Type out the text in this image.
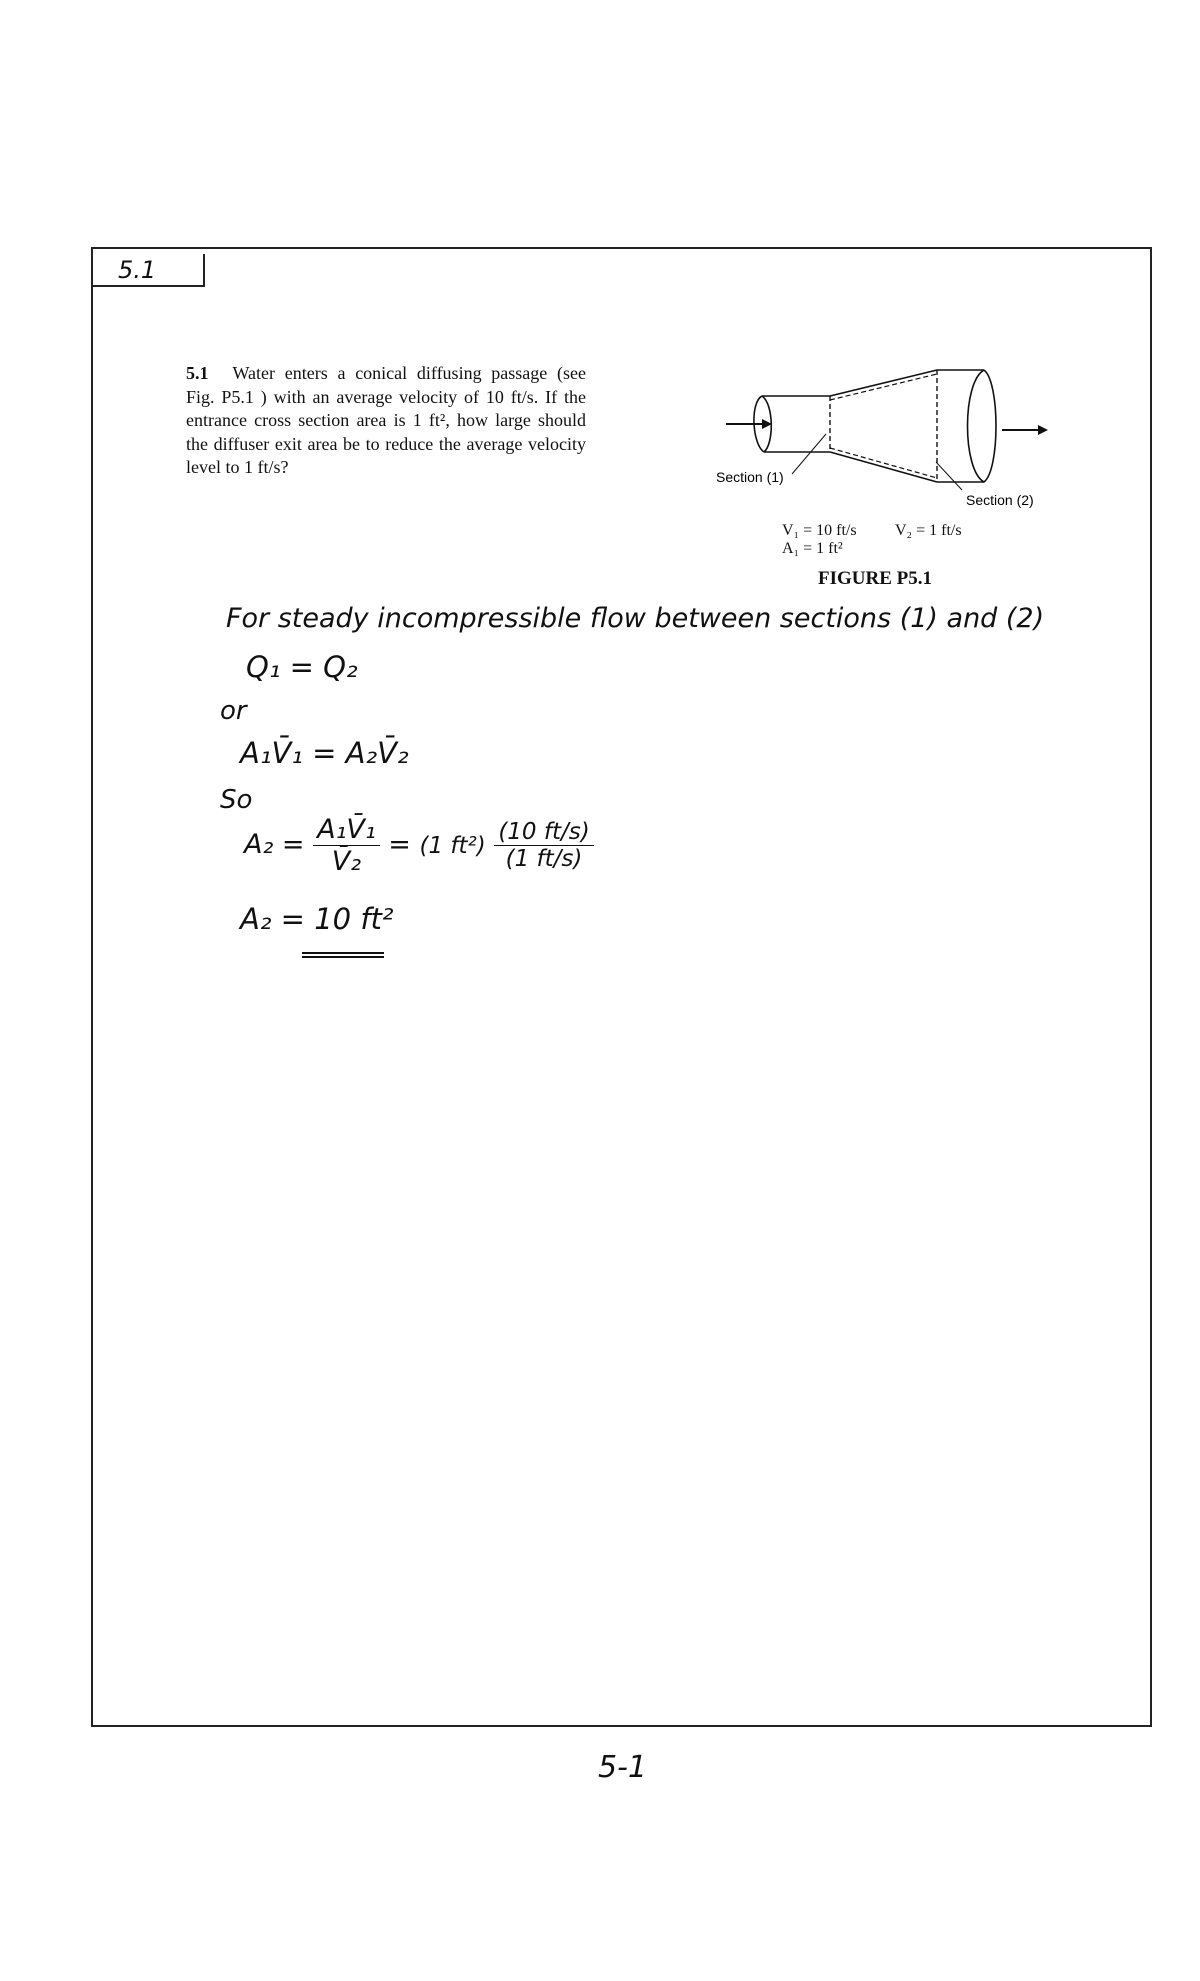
5.1
5.1 Water enters a conical diffusing passage (see Fig. P5.1 ) with an average velocity of 10 ft/s. If the entrance cross section area is 1 ft², how large should the diffuser exit area be to reduce the average velocity level to 1 ft/s?	Section (1)
Section (2)
V₁ = 10 ft/s V₂ = 1 ft/s
A₁ = 1 ft²
FIGURE P5.1
For steady incompressible flow between sections (1) and (2)
Q₁ = Q₂
or
A₁V̄₁ = A₂V̄₂
So
$A_2 = \frac{\text{A₁V̄₁}}{\text{V̄₂}} = (1$ $ft^2) \frac{(10 ft/s)}{(1 ft/s)}$
A₂ = 10 ft²
5-1
